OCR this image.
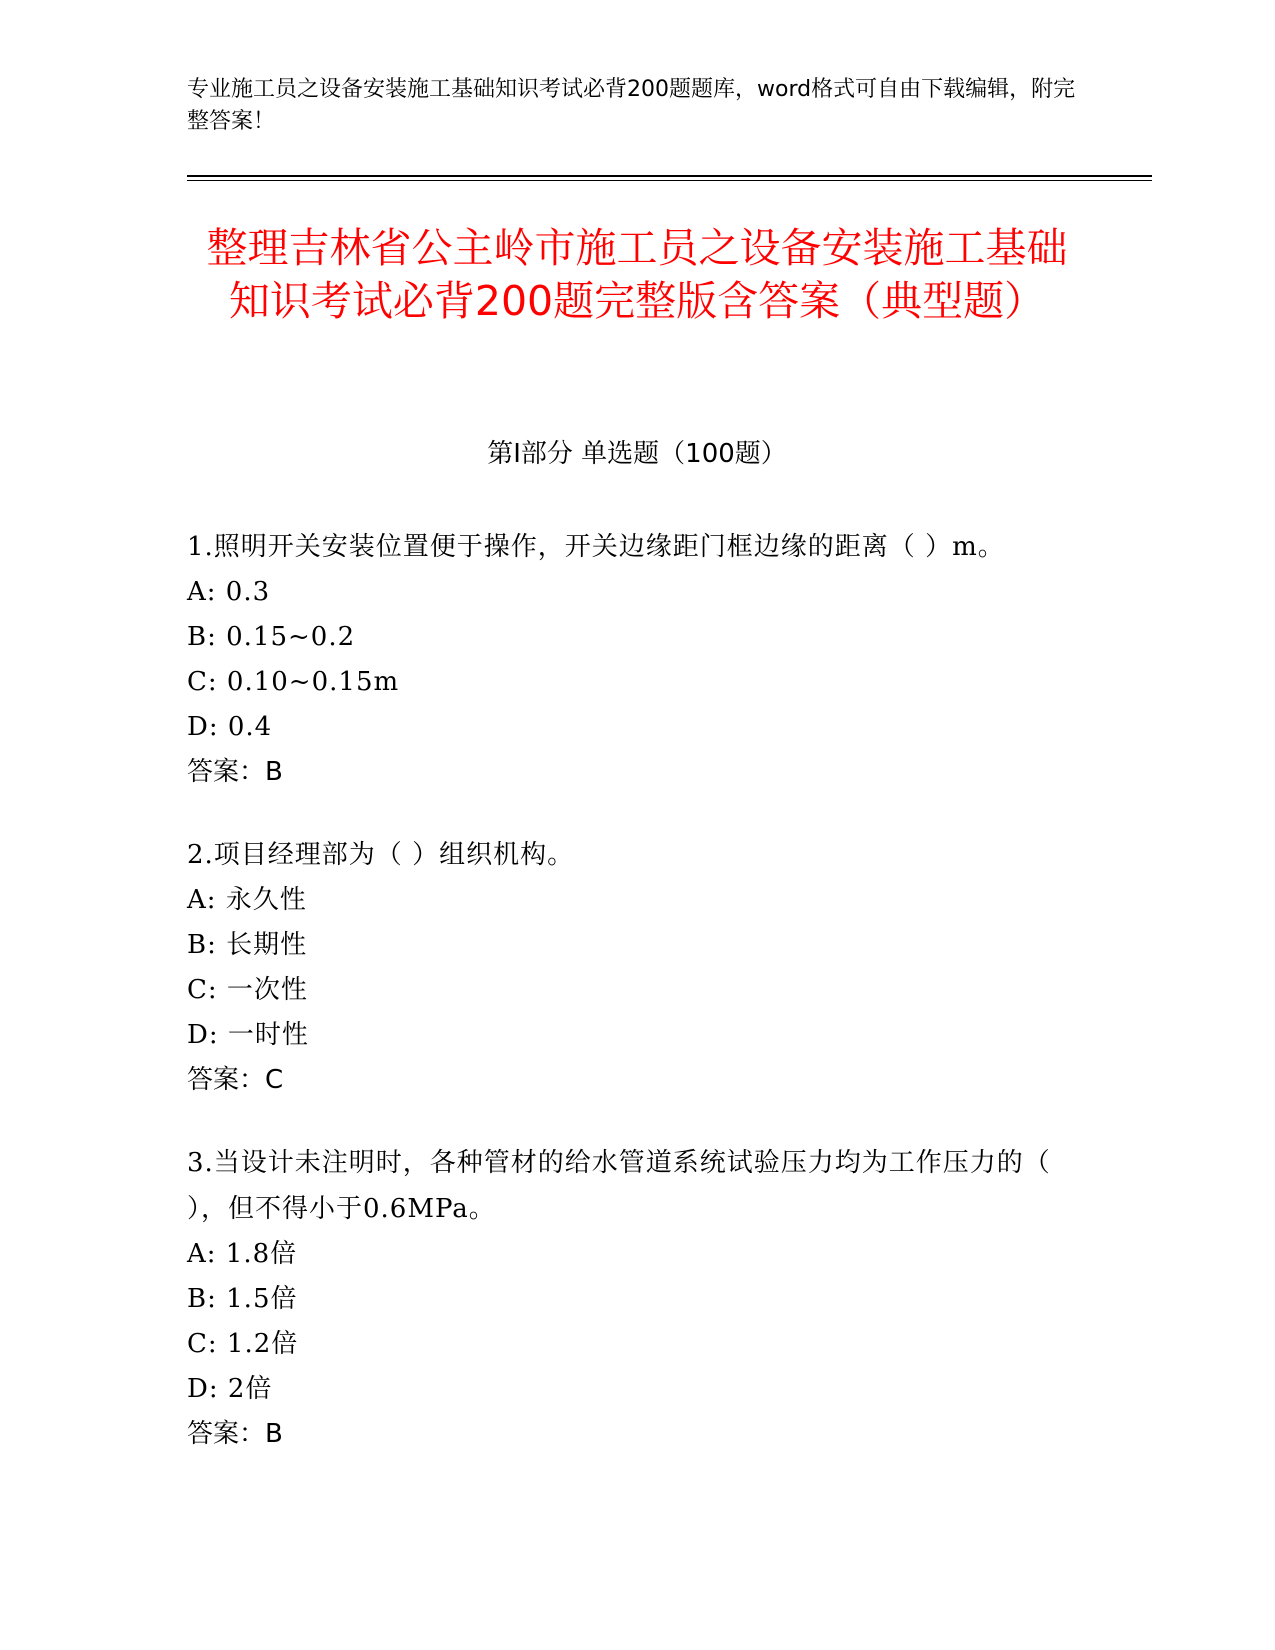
专业施工员之设备安装施工基础知识考试必背200题题库，word格式可自由下载编辑，附完整答案！
整理吉林省公主岭市施工员之设备安装施工基础知识考试必背200题完整版含答案（典型题）
第I部分 单选题（100题）
1.照明开关安装位置便于操作，开关边缘距门框边缘的距离（ ）m。
A: 0.3
B: 0.15~0.2
C: 0.10~0.15m
D: 0.4
答案：B
2.项目经理部为（ ）组织机构。
A: 永久性
B: 长期性
C: 一次性
D: 一时性
答案：C
3.当设计未注明时，各种管材的给水管道系统试验压力均为工作压力的（ ），但不得小于0.6MPa。
A: 1.8倍
B: 1.5倍
C: 1.2倍
D: 2倍
答案：B
